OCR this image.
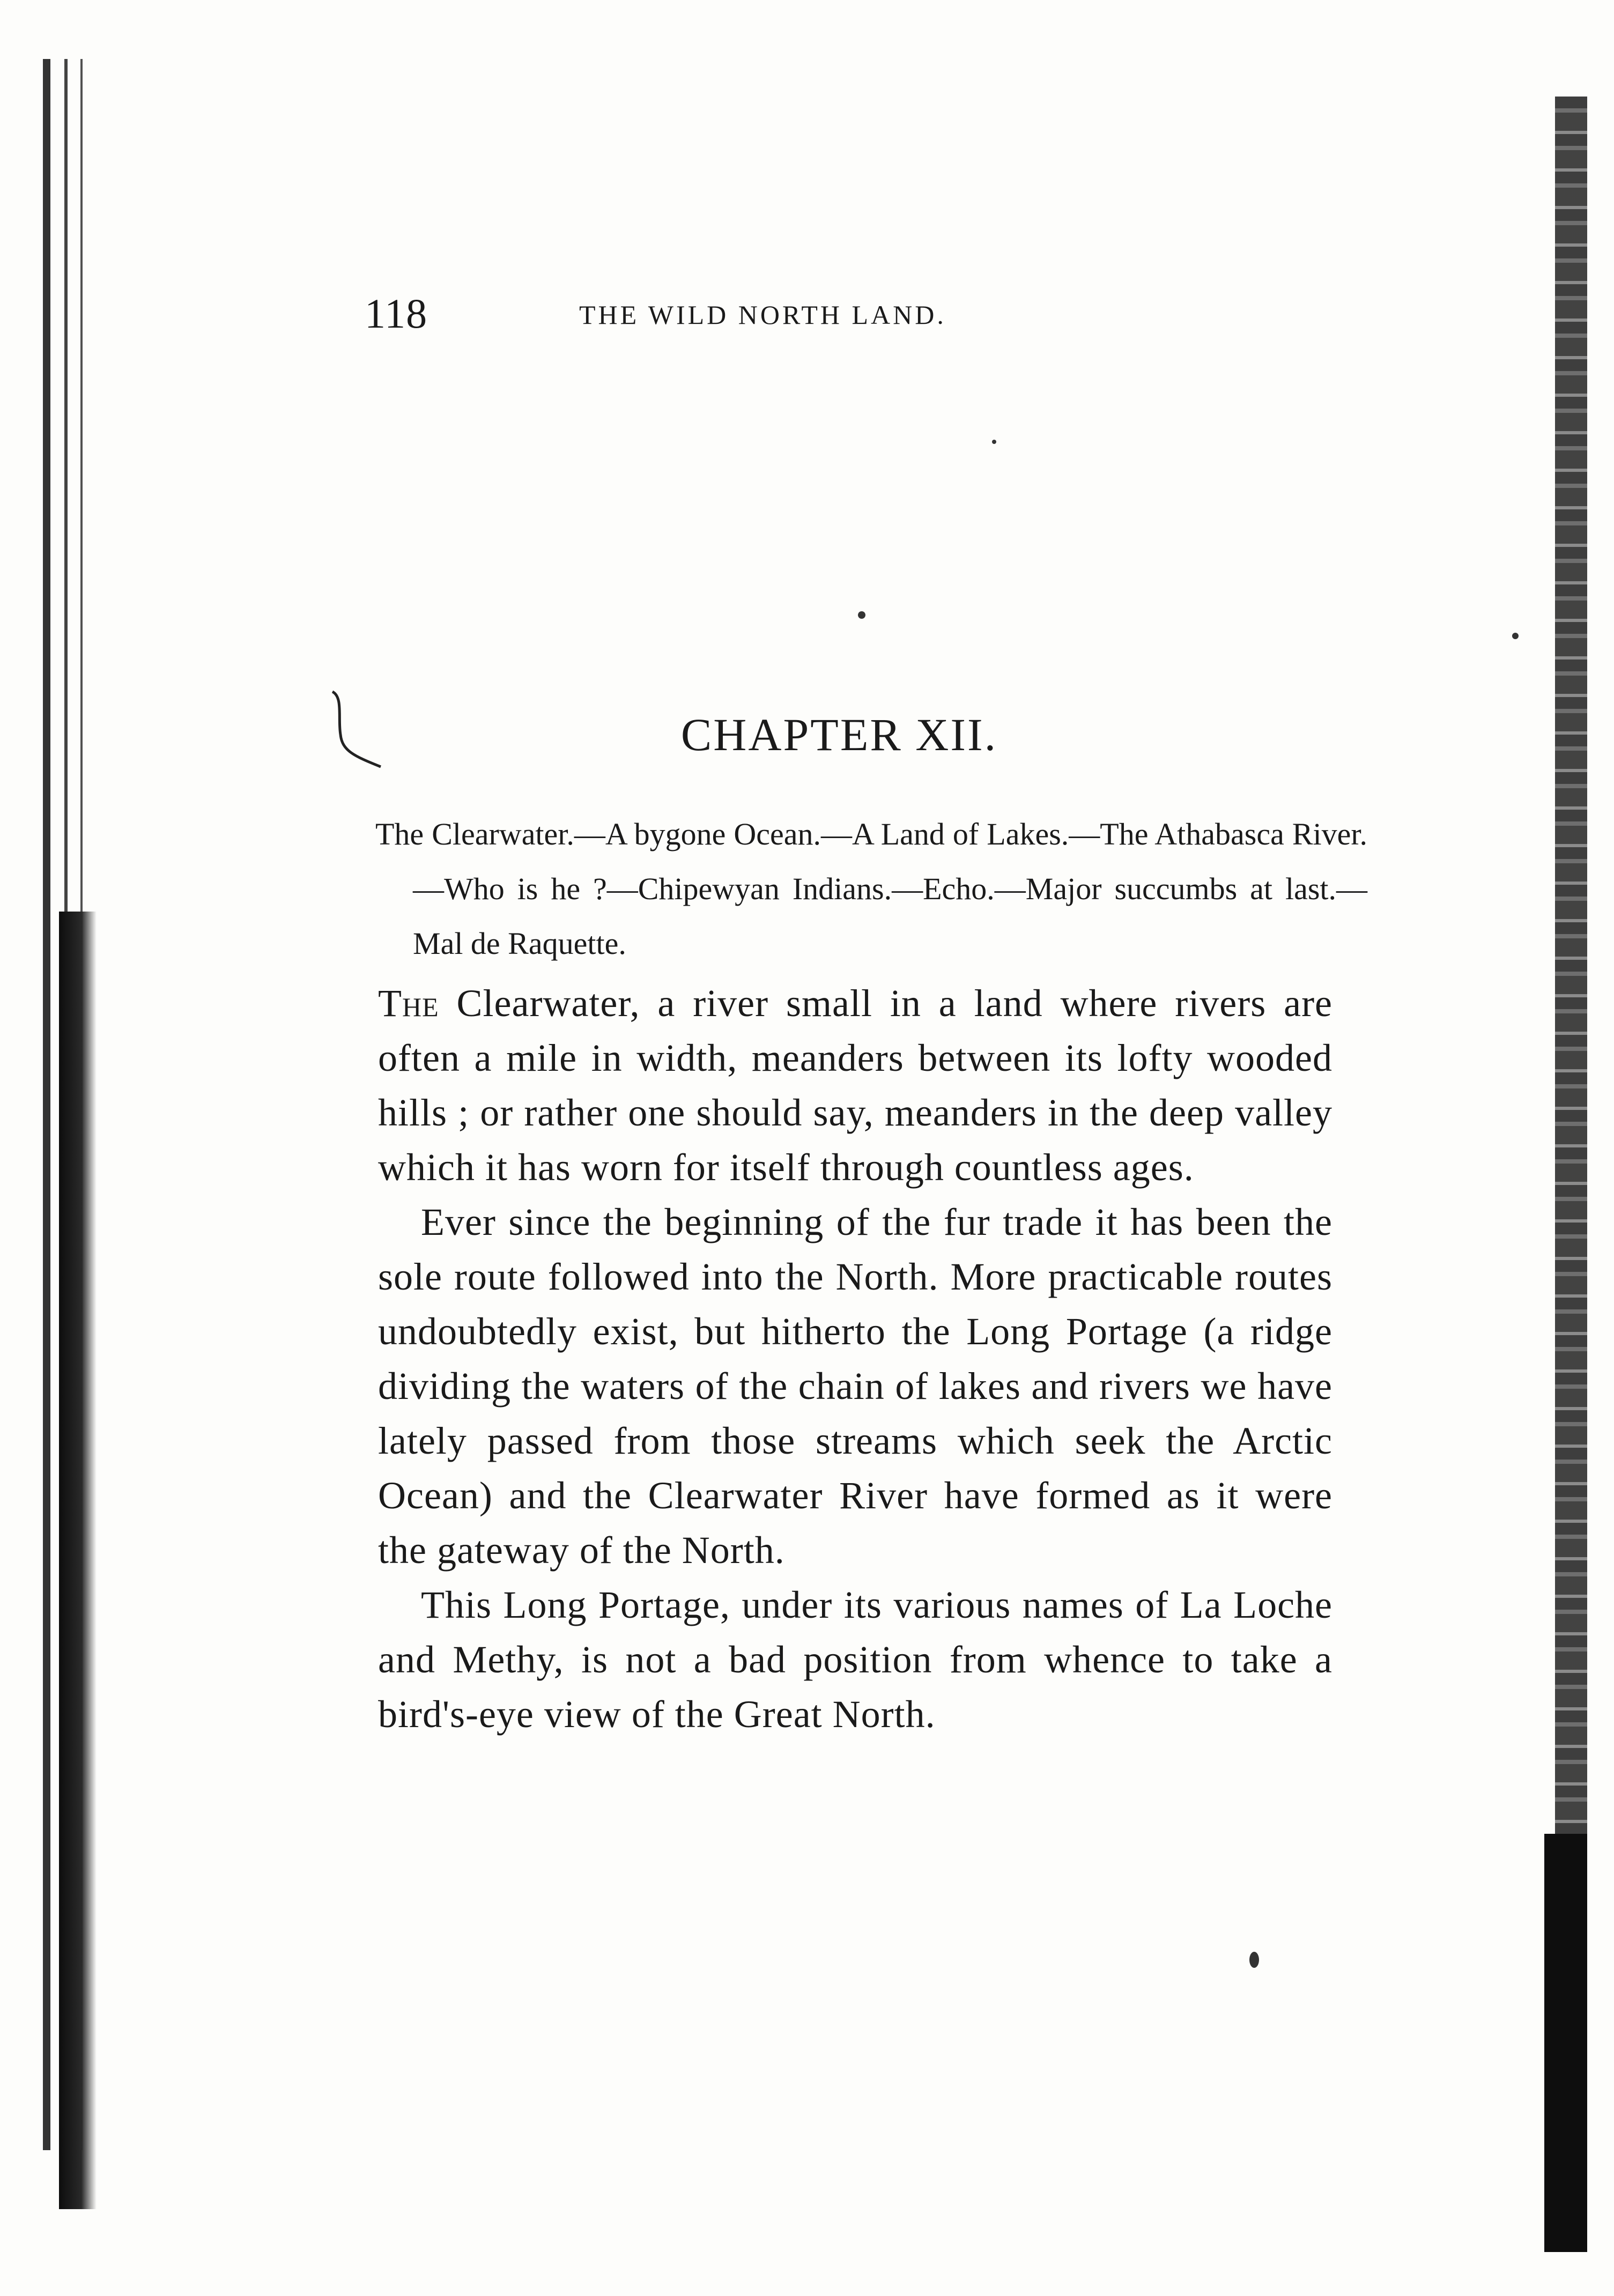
118	THE WILD NORTH LAND.
CHAPTER XII.
The Clearwater.—A bygone Ocean.—A Land of Lakes.—The Athabasca River.—Who is he ?—Chipewyan Indians.—Echo.—Major succumbs at last.—Mal de Raquette.

The Clearwater, a river small in a land where rivers are often a mile in width, meanders between its lofty wooded hills ; or rather one should say, meanders in the deep valley which it has worn for itself through countless ages.

Ever since the beginning of the fur trade it has been the sole route followed into the North. More practicable routes undoubtedly exist, but hitherto the Long Portage (a ridge dividing the waters of the chain of lakes and rivers we have lately passed from those streams which seek the Arctic Ocean) and the Clearwater River have formed as it were the gateway of the North.

This Long Portage, under its various names of La Loche and Methy, is not a bad position from whence to take a bird's-eye view of the Great North.
